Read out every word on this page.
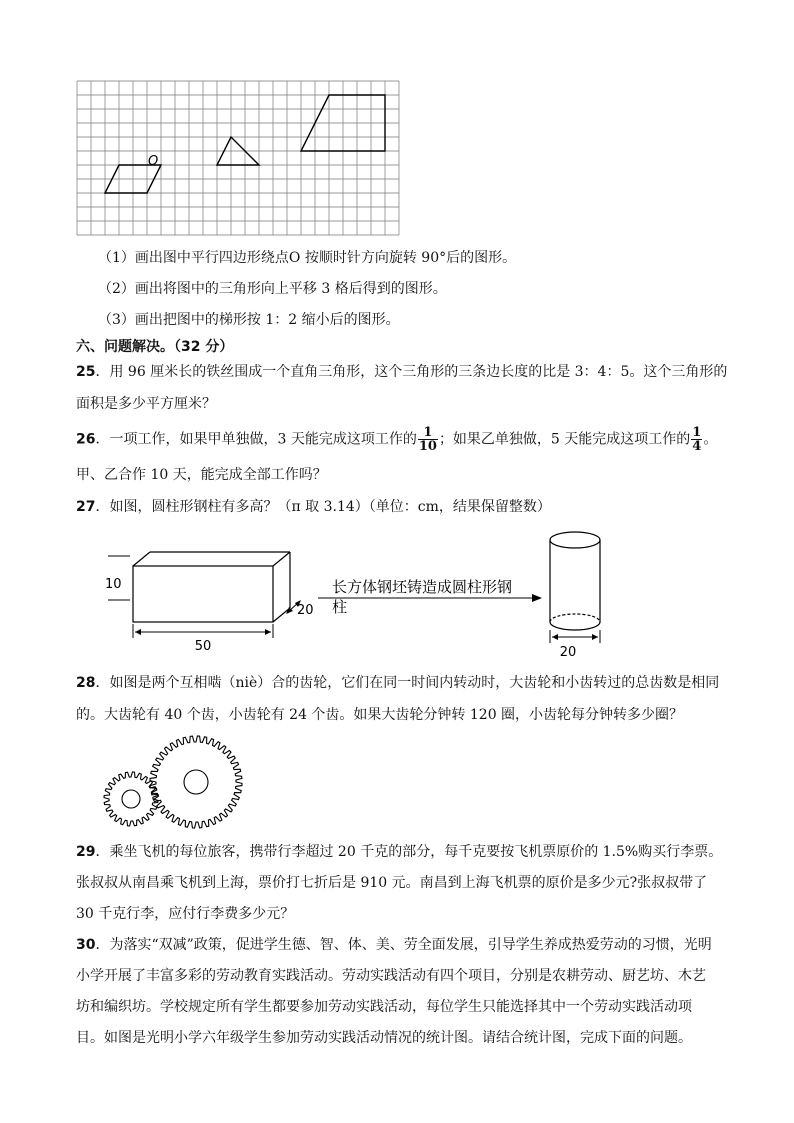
O
（1）画出图中平行四边形绕点O 按顺时针方向旋转 90°后的图形。
（2）画出将图中的三角形向上平移 3 格后得到的图形。
（3）画出把图中的梯形按 1：2 缩小后的图形。
六、问题解决。（32 分）
25．用 96 厘米长的铁丝围成一个直角三角形，这个三角形的三条边长度的比是 3：4：5。这个三角形的
面积是多少平方厘米？
26．一项工作，如果甲单独做，3 天能完成这项工作的 $\frac{1}{10}$ ；如果乙单独做，5 天能完成这项工作的 $\frac{1}{4}$ 。
甲、乙合作 10 天，能完成全部工作吗？
27．如图，圆柱形钢柱有多高？（π 取 3.14）（单位：cm，结果保留整数）
10
50
20
长方体钢坯铸造成圆柱形钢
柱
20
28．如图是两个互相啮（niè）合的齿轮，它们在同一时间内转动时，大齿轮和小齿转过的总齿数是相同
的。大齿轮有 40 个齿，小齿轮有 24 个齿。如果大齿轮分钟转 120 圈，小齿轮每分钟转多少圈？
29．乘坐飞机的每位旅客，携带行李超过 20 千克的部分，每千克要按飞机票原价的 1.5%购买行李票。
张叔叔从南昌乘飞机到上海，票价打七折后是 910 元。南昌到上海飞机票的原价是多少元?张叔叔带了
30 千克行李，应付行李费多少元？
30．为落实“双减”政策，促进学生德、智、体、美、劳全面发展，引导学生养成热爱劳动的习惯，光明
小学开展了丰富多彩的劳动教育实践活动。劳动实践活动有四个项目，分别是农耕劳动、厨艺坊、木艺
坊和编织坊。学校规定所有学生都要参加劳动实践活动，每位学生只能选择其中一个劳动实践活动项
目。如图是光明小学六年级学生参加劳动实践活动情况的统计图。请结合统计图，完成下面的问题。
